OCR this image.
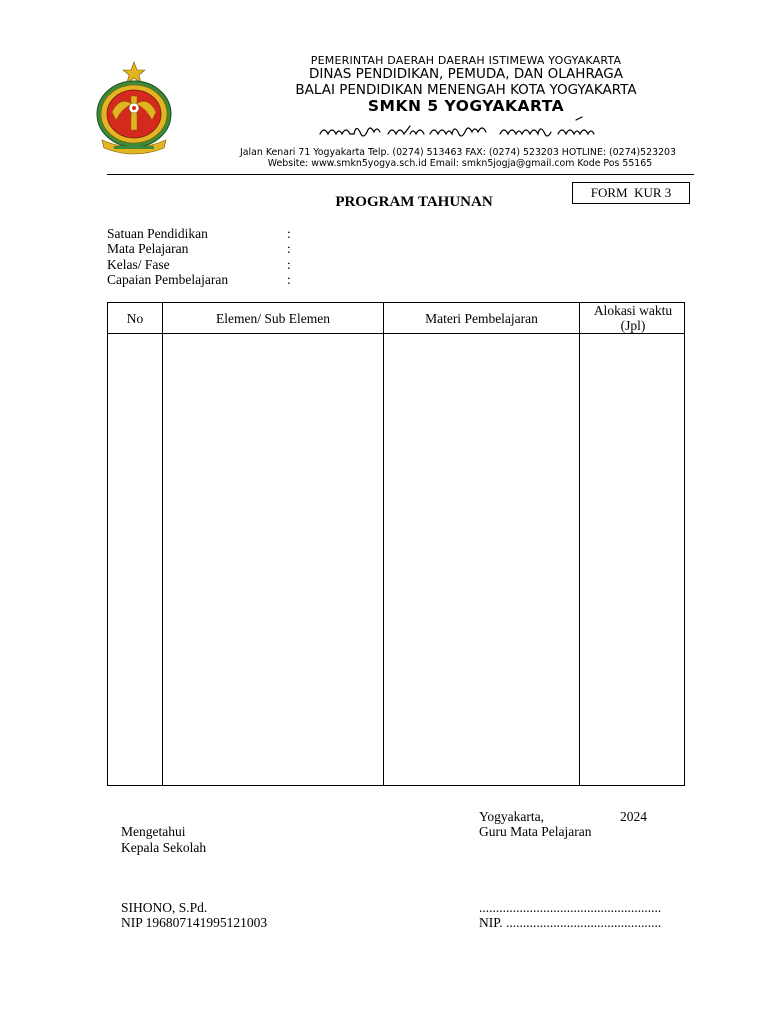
PEMERINTAH DAERAH DAERAH ISTIMEWA YOGYAKARTA
DINAS PENDIDIKAN, PEMUDA, DAN OLAHRAGA
BALAI PENDIDIKAN MENENGAH KOTA YOGYAKARTA
SMKN 5 YOGYAKARTA
Jalan Kenari 71 Yogyakarta Telp. (0274) 513463 FAX: (0274) 523203 HOTLINE: (0274)523203
Website: www.smkn5yogya.sch.id Email: smkn5jogja@gmail.com Kode Pos 55165
FORM  KUR 3
PROGRAM TAHUNAN
Satuan Pendidikan	:
Mata Pelajaran	:
Kelas/ Fase	:
Capaian Pembelajaran	:
No	Elemen/ Sub Elemen	Materi Pembelajaran	Alokasi waktu (Jpl)
Yogyakarta,	2024
Mengetahui
Kepala Sekolah
Guru Mata Pelajaran
SIHONO, S.Pd.
NIP 196807141995121003
......................................................
NIP. ..............................................
